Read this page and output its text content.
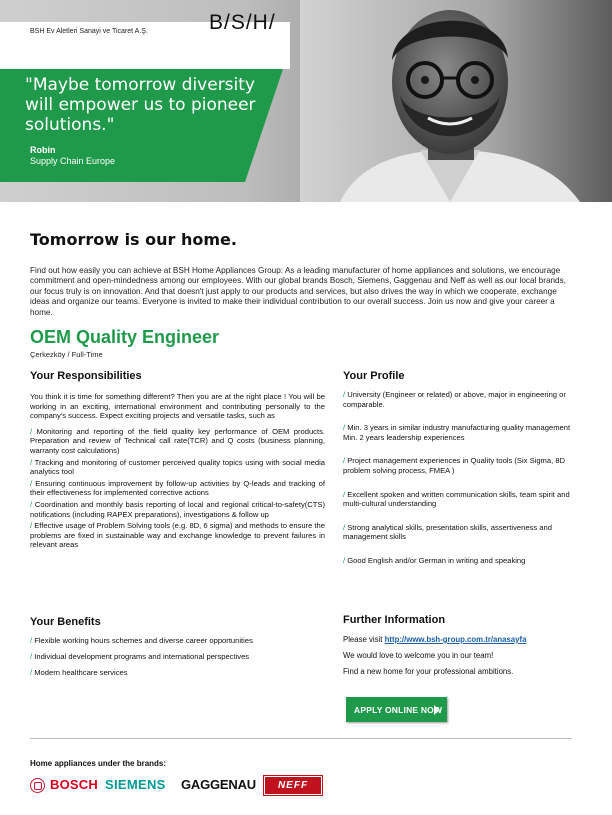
BSH Ev Aletleri Sanayi ve Ticaret A.Ş.	B/S/H/
"Maybe tomorrow diversity will empower us to pioneer solutions."
Robin
Supply Chain Europe
Tomorrow is our home.
Find out how easily you can achieve at BSH Home Appliances Group: As a leading manufacturer of home appliances and solutions, we encourage commitment and open-mindedness among our employees. With our global brands Bosch, Siemens, Gaggenau and Neff as well as our local brands, our focus truly is on innovation. And that doesn't just apply to our products and services, but also drives the way in which we cooperate, exchange ideas and organize our teams. Everyone is invited to make their individual contribution to our overall success. Join us now and give your career a home.
OEM Quality Engineer
Çerkezköy / Full-Time
Your Responsibilities

You think it is time for something different? Then you are at the right place ! You will be working in an exciting, international environment and contributing personally to the company's success. Expect exciting projects and versatile tasks, such as

/ Monitoring and reporting of the field quality key performance of OEM products. Preparation and review of Technical call rate(TCR) and Q costs (business planning, warranty cost calculations)

/ Tracking and monitoring of customer perceived quality topics using with social media analytics tool

/ Ensuring continuous improvement by follow-up activities by Q-leads and tracking of their effectiveness for implemented corrective actions

/ Coordination and monthly basis reporting of local and regional critical-to-safety(CTS) notifications (including RAPEX preparations), investigations & follow up

/ Effective usage of Problem Solving tools (e.g. 8D, 6 sigma) and methods to ensure the problems are fixed in sustainable way and exchange knowledge to prevent failures in relevant areas

Your Profile
/ University (Engineer or related) or above, major in engineering or comparable.
/ Min. 3 years in similar industry manufacturing quality management Min. 2 years leadership experiences
/ Project management experiences in Quality tools (Six Sigma, 8D problem solving process, FMEA )
/ Excellent spoken and written communication skills, team spirit and multi-cultural understanding
/ Strong analytical skills, presentation skills, assertiveness and management skills
/ Good English and/or German in writing and speaking
Your Benefits
/ Flexible working hours schemes and diverse career opportunities
/ Individual development programs and international perspectives
/ Modern healthcare services
Further Information
Please visit http://www.bsh-group.com.tr/anasayfa
We would love to welcome you in our team!
Find a new home for your professional ambitions.
APPLY ONLINE NOW
Home appliances under the brands:
BOSCH SIEMENS GAGGENAU	NEFF
